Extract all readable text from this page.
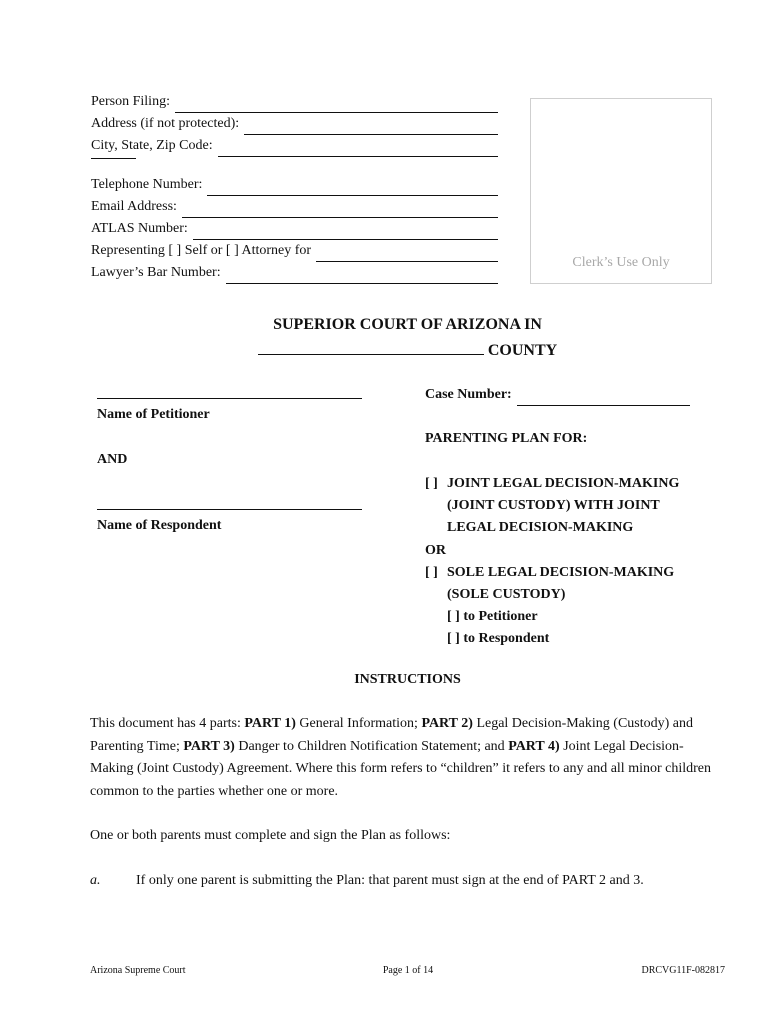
Person Filing:
Address (if not protected):
City, State, Zip Code:
Telephone Number:
Email Address:
ATLAS Number:
Representing [ ] Self or [ ] Attorney for
Lawyer’s Bar Number:
Clerk’s Use Only
SUPERIOR COURT OF ARIZONA IN
COUNTY
Name of Petitioner
AND
Name of Respondent
Case Number:
PARENTING PLAN FOR:
[ ] JOINT LEGAL DECISION-MAKING
(JOINT CUSTODY) WITH JOINT
LEGAL DECISION-MAKING
OR
[ ] SOLE LEGAL DECISION-MAKING
(SOLE CUSTODY)
[ ] to Petitioner
[ ] to Respondent
INSTRUCTIONS
This document has 4 parts: PART 1) General Information; PART 2) Legal Decision-Making (Custody) and Parenting Time; PART 3) Danger to Children Notification Statement; and PART 4) Joint Legal Decision-Making (Joint Custody) Agreement. Where this form refers to “children” it refers to any and all minor children common to the parties whether one or more.
One or both parents must complete and sign the Plan as follows:
a.	If only one parent is submitting the Plan: that parent must sign at the end of PART 2 and 3.
Arizona Supreme Court	Page 1 of 14	DRCVG11F-082817
